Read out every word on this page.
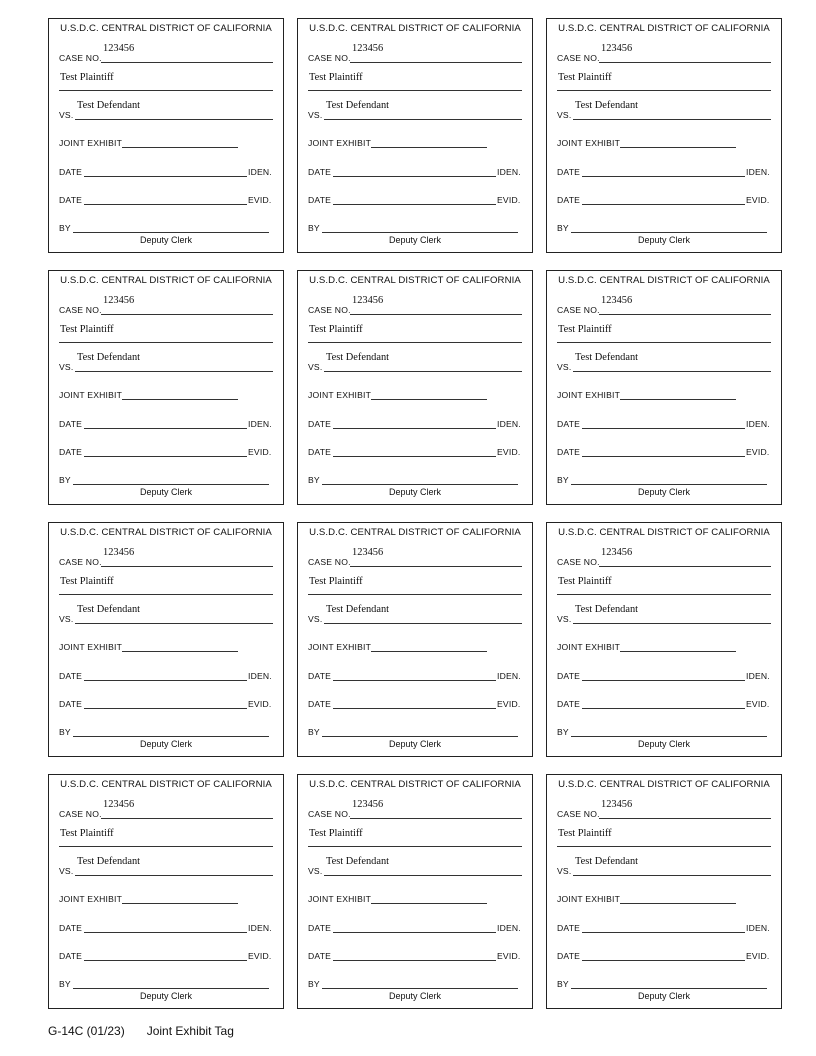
U.S.D.C. CENTRAL DISTRICT OF CALIFORNIA
CASE NO.
123456
Test Plaintiff
VS.
Test Defendant
JOINT EXHIBIT
DATE	IDEN.
DATE	EVID.
BY
Deputy Clerk
U.S.D.C. CENTRAL DISTRICT OF CALIFORNIA
CASE NO.
123456
Test Plaintiff
VS.
Test Defendant
JOINT EXHIBIT
DATE	IDEN.
DATE	EVID.
BY
Deputy Clerk
U.S.D.C. CENTRAL DISTRICT OF CALIFORNIA
CASE NO.
123456
Test Plaintiff
VS.
Test Defendant
JOINT EXHIBIT
DATE	IDEN.
DATE	EVID.
BY
Deputy Clerk
U.S.D.C. CENTRAL DISTRICT OF CALIFORNIA
CASE NO.
123456
Test Plaintiff
VS.
Test Defendant
JOINT EXHIBIT
DATE	IDEN.
DATE	EVID.
BY
Deputy Clerk
U.S.D.C. CENTRAL DISTRICT OF CALIFORNIA
CASE NO.
123456
Test Plaintiff
VS.
Test Defendant
JOINT EXHIBIT
DATE	IDEN.
DATE	EVID.
BY
Deputy Clerk
U.S.D.C. CENTRAL DISTRICT OF CALIFORNIA
CASE NO.
123456
Test Plaintiff
VS.
Test Defendant
JOINT EXHIBIT
DATE	IDEN.
DATE	EVID.
BY
Deputy Clerk
U.S.D.C. CENTRAL DISTRICT OF CALIFORNIA
CASE NO.
123456
Test Plaintiff
VS.
Test Defendant
JOINT EXHIBIT
DATE	IDEN.
DATE	EVID.
BY
Deputy Clerk
U.S.D.C. CENTRAL DISTRICT OF CALIFORNIA
CASE NO.
123456
Test Plaintiff
VS.
Test Defendant
JOINT EXHIBIT
DATE	IDEN.
DATE	EVID.
BY
Deputy Clerk
U.S.D.C. CENTRAL DISTRICT OF CALIFORNIA
CASE NO.
123456
Test Plaintiff
VS.
Test Defendant
JOINT EXHIBIT
DATE	IDEN.
DATE	EVID.
BY
Deputy Clerk
U.S.D.C. CENTRAL DISTRICT OF CALIFORNIA
CASE NO.
123456
Test Plaintiff
VS.
Test Defendant
JOINT EXHIBIT
DATE	IDEN.
DATE	EVID.
BY
Deputy Clerk
U.S.D.C. CENTRAL DISTRICT OF CALIFORNIA
CASE NO.
123456
Test Plaintiff
VS.
Test Defendant
JOINT EXHIBIT
DATE	IDEN.
DATE	EVID.
BY
Deputy Clerk
U.S.D.C. CENTRAL DISTRICT OF CALIFORNIA
CASE NO.
123456
Test Plaintiff
VS.
Test Defendant
JOINT EXHIBIT
DATE	IDEN.
DATE	EVID.
BY
Deputy Clerk
G-14C (01/23) Joint Exhibit Tag
